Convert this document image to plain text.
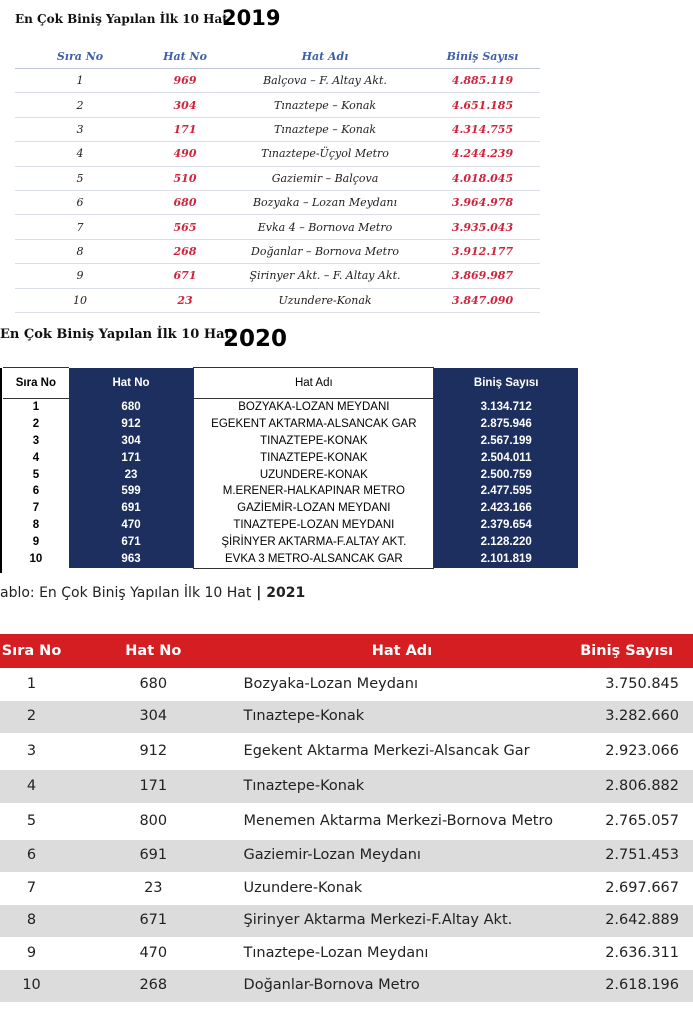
En Çok Biniş Yapılan İlk 10 Hat
2019
Sıra No	Hat No	Hat Adı	Biniş Sayısı
1	969	Balçova – F. Altay Akt.	4.885.119
2	304	Tınaztepe – Konak	4.651.185
3	171	Tınaztepe – Konak	4.314.755
4	490	Tınaztepe-Üçyol Metro	4.244.239
5	510	Gaziemir – Balçova	4.018.045
6	680	Bozyaka – Lozan Meydanı	3.964.978
7	565	Evka 4 – Bornova Metro	3.935.043
8	268	Doğanlar – Bornova Metro	3.912.177
9	671	Şirinyer Akt. – F. Altay Akt.	3.869.987
10	23	Uzundere-Konak	3.847.090
En Çok Biniş Yapılan İlk 10 Hat
2020
Sıra No	Hat No	Hat Adı	Biniş Sayısı
1	680	BOZYAKA-LOZAN MEYDANI	3.134.712
2	912	EGEKENT AKTARMA-ALSANCAK GAR	2.875.946
3	304	TINAZTEPE-KONAK	2.567.199
4	171	TINAZTEPE-KONAK	2.504.011
5	23	UZUNDERE-KONAK	2.500.759
6	599	M.ERENER-HALKAPINAR METRO	2.477.595
7	691	GAZİEMİR-LOZAN MEYDANI	2.423.166
8	470	TINAZTEPE-LOZAN MEYDANI	2.379.654
9	671	ŞİRİNYER AKTARMA-F.ALTAY AKT.	2.128.220
10	963	EVKA 3 METRO-ALSANCAK GAR	2.101.819
ablo: En Çok Biniş Yapılan İlk 10 Hat | 2021
Sıra No	Hat No	Hat Adı	Biniş Sayısı
1	680	Bozyaka-Lozan Meydanı	3.750.845
2	304	Tınaztepe-Konak	3.282.660
3	912	Egekent Aktarma Merkezi-Alsancak Gar	2.923.066
4	171	Tınaztepe-Konak	2.806.882
5	800	Menemen Aktarma Merkezi-Bornova Metro	2.765.057
6	691	Gaziemir-Lozan Meydanı	2.751.453
7	23	Uzundere-Konak	2.697.667
8	671	Şirinyer Aktarma Merkezi-F.Altay Akt.	2.642.889
9	470	Tınaztepe-Lozan Meydanı	2.636.311
10	268	Doğanlar-Bornova Metro	2.618.196
